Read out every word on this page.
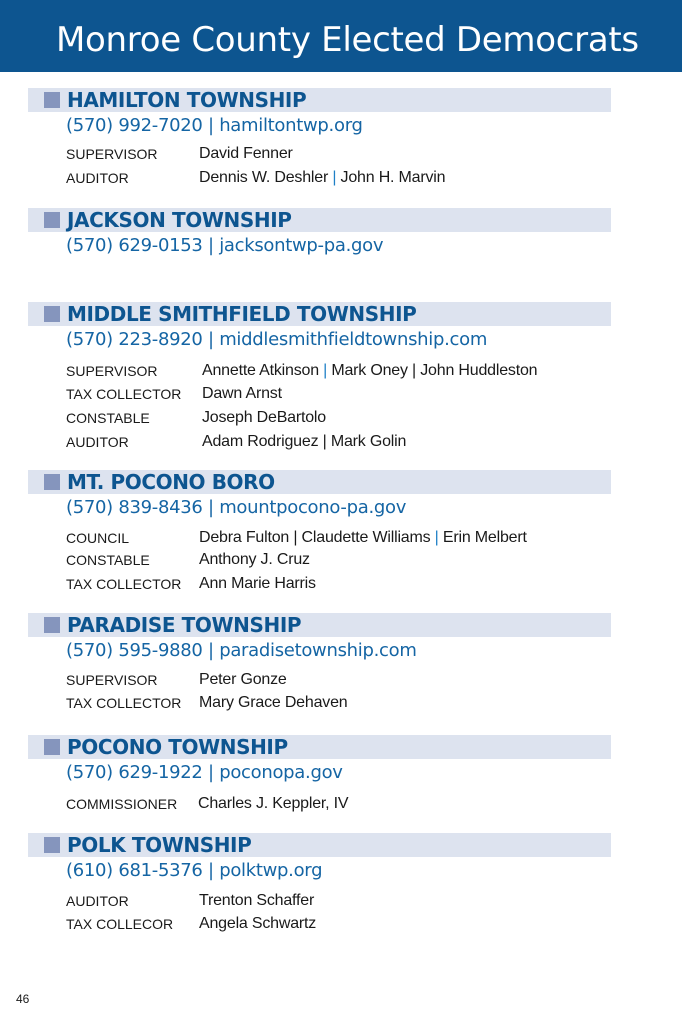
Monroe County Elected Democrats
HAMILTON TOWNSHIP
(570) 992-7020 | hamiltontwp.org
SUPERVISOR	David Fenner
AUDITOR	Dennis W. Deshler | John H. Marvin
JACKSON TOWNSHIP
(570) 629-0153 | jacksontwp-pa.gov
MIDDLE SMITHFIELD TOWNSHIP
(570) 223-8920 | middlesmithfieldtownship.com
SUPERVISOR	Annette Atkinson | Mark Oney | John Huddleston
TAX COLLECTOR Dawn Arnst
CONSTABLE	Joseph DeBartolo
AUDITOR	Adam Rodriguez | Mark Golin
MT. POCONO BORO
(570) 839-8436 | mountpocono-pa.gov
COUNCIL	Debra Fulton | Claudette Williams | Erin Melbert
CONSTABLE	Anthony J. Cruz
TAX COLLECTOR Ann Marie Harris
PARADISE TOWNSHIP
(570) 595-9880 | paradisetownship.com
SUPERVISOR	Peter Gonze
TAX COLLECTOR Mary Grace Dehaven
POCONO TOWNSHIP
(570) 629-1922 | poconopa.gov
COMMISSIONER Charles J. Keppler, IV
POLK TOWNSHIP
(610) 681-5376 | polktwp.org
AUDITOR	Trenton Schaffer
TAX COLLECOR Angela Schwartz
46
